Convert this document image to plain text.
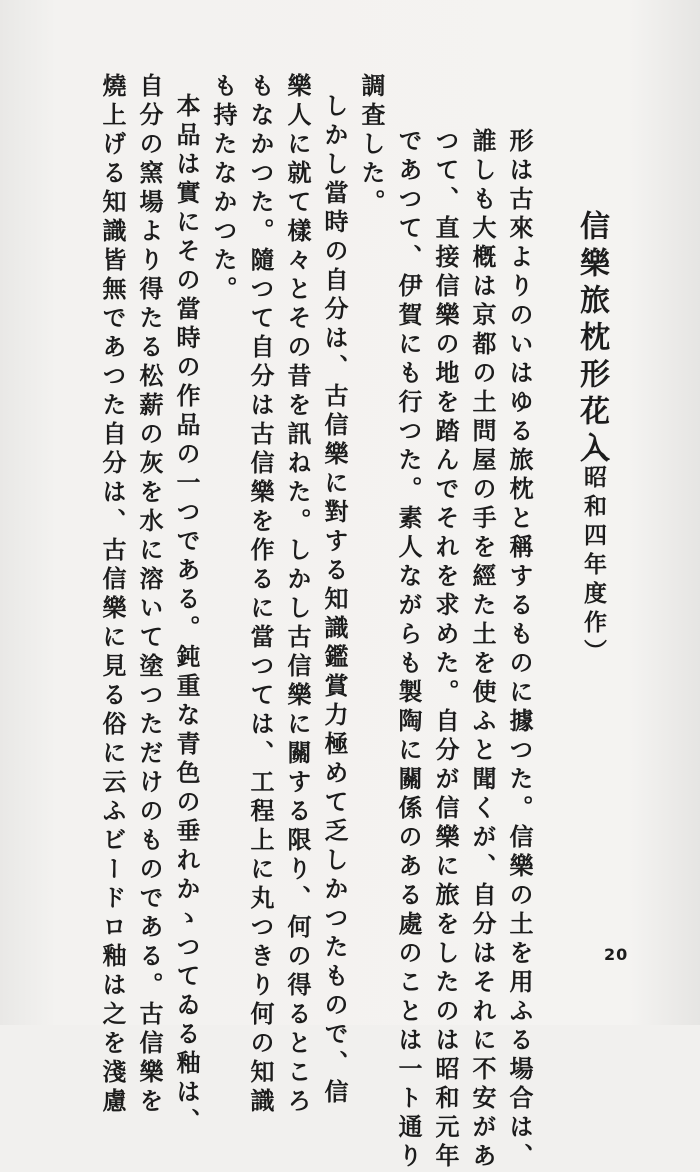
信樂旅枕形花入
（昭和四年度作）
形は古來よりのいはゆる旅枕と稱するものに據つた。信樂の土を用ふる場合は、
誰しも大槪は京都の土問屋の手を經た土を使ふと聞くが、自分はそれに不安があ
つて、直接信樂の地を踏んでそれを求めた。自分が信樂に旅をしたのは昭和元年
であつて、伊賀にも行つた。素人ながらも製陶に關係のある處のことは一ト通り
調査した。
しかし當時の自分は、古信樂に對する知識鑑賞力極めて乏しかつたもので、信
樂人に就て樣々とその昔を訊ねた。しかし古信樂に關する限り、何の得るところ
もなかつた。隨つて自分は古信樂を作るに當つては、工程上に丸つきり何の知識
も持たなかつた。
本品は實にその當時の作品の一つである。鈍重な青色の垂れかゝつてゐる釉は、
自分の窯場より得たる松薪の灰を水に溶いて塗つただけのものである。古信樂を
燒上げる知識皆無であつた自分は、古信樂に見る俗に云ふビードロ釉は之を淺慮	20
